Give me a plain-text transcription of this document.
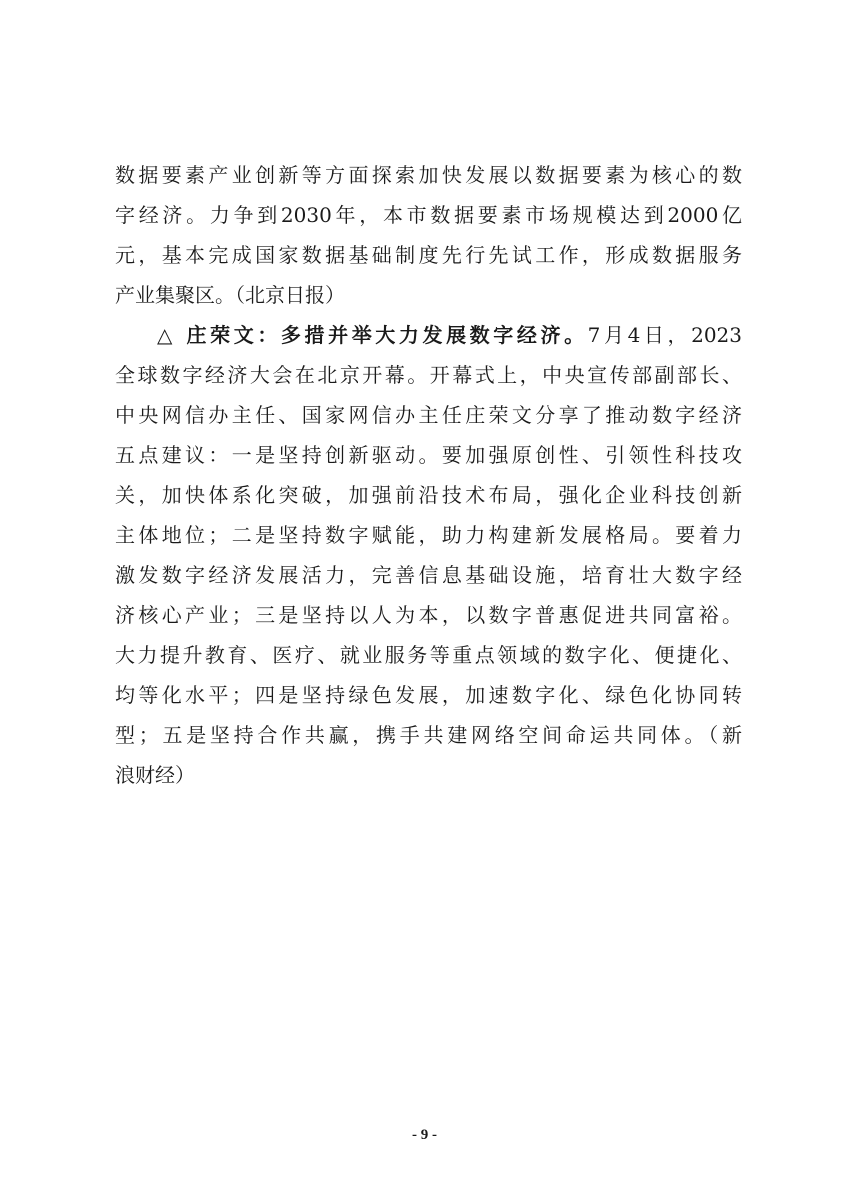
数据要素产业创新等方面探索加快发展以数据要素为核心的数
字经济。力争到2030年，本市数据要素市场规模达到2000亿
元，基本完成国家数据基础制度先行先试工作，形成数据服务
产业集聚区。（北京日报）
△ 庄荣文：多措并举大力发展数字经济。7月4日，2023
全球数字经济大会在北京开幕。开幕式上，中央宣传部副部长、
中央网信办主任、国家网信办主任庄荣文分享了推动数字经济
五点建议：一是坚持创新驱动。要加强原创性、引领性科技攻
关，加快体系化突破，加强前沿技术布局，强化企业科技创新
主体地位；二是坚持数字赋能，助力构建新发展格局。要着力
激发数字经济发展活力，完善信息基础设施，培育壮大数字经
济核心产业；三是坚持以人为本，以数字普惠促进共同富裕。
大力提升教育、医疗、就业服务等重点领域的数字化、便捷化、
均等化水平；四是坚持绿色发展，加速数字化、绿色化协同转
型；五是坚持合作共赢，携手共建网络空间命运共同体。（新
浪财经）
- 9 -
